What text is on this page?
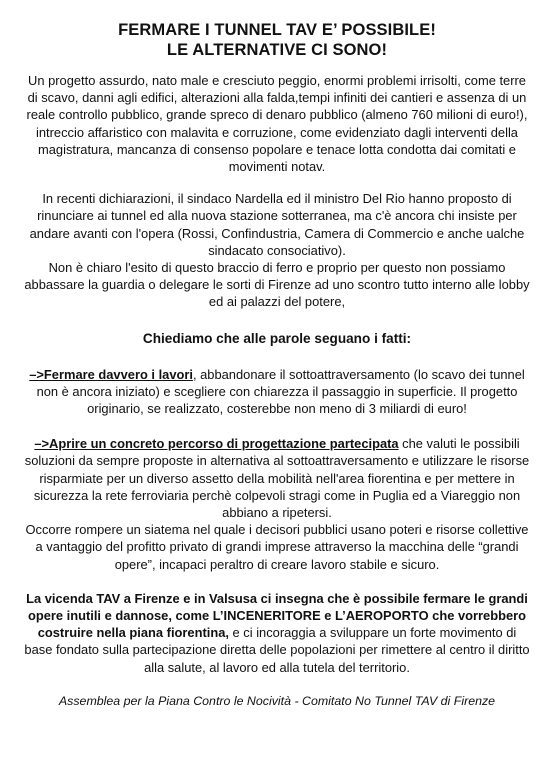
FERMARE I TUNNEL TAV E’ POSSIBILE!
LE ALTERNATIVE CI SONO!

Un progetto assurdo, nato male e cresciuto peggio, enormi problemi irrisolti, come terre di scavo, danni agli edifici, alterazioni alla falda,tempi infiniti dei cantieri e assenza di un reale controllo pubblico, grande spreco di denaro pubblico (almeno 760 milioni di euro!), intreccio affaristico con malavita e corruzione, come evidenziato dagli interventi della magistratura, mancanza di consenso popolare e tenace lotta condotta dai comitati e movimenti notav.

In recenti dichiarazioni, il sindaco Nardella ed il ministro Del Rio hanno proposto di rinunciare ai tunnel ed alla nuova stazione sotterranea, ma c'è ancora chi insiste per andare avanti con l'opera (Rossi, Confindustria, Camera di Commercio e anche ualche sindacato consociativo).

Non è chiaro l'esito di questo braccio di ferro e proprio per questo non possiamo abbassare la guardia o delegare le sorti di Firenze ad uno scontro tutto interno alle lobby ed ai palazzi del potere,

Chiediamo che alle parole seguano i fatti:

–>Fermare davvero i lavori, abbandonare il sottoattraversamento (lo scavo dei tunnel non è ancora iniziato) e scegliere con chiarezza il passaggio in superficie. Il progetto originario, se realizzato, costerebbe non meno di 3 miliardi di euro!

–>Aprire un concreto percorso di progettazione partecipata che valuti le possibili soluzioni da sempre proposte in alternativa al sottoattraversamento e utilizzare le risorse risparmiate per un diverso assetto della mobilità nell'area fiorentina e per mettere in sicurezza la rete ferroviaria perchè colpevoli stragi come in Puglia ed a Viareggio non abbiano a ripetersi.

Occorre rompere un siatema nel quale i decisori pubblici usano poteri e risorse collettive a vantaggio del profitto privato di grandi imprese attraverso la macchina delle “grandi opere”, incapaci peraltro di creare lavoro stabile e sicuro.

La vicenda TAV a Firenze e in Valsusa ci insegna che è possibile fermare le grandi opere inutili e dannose, come L’INCENERITORE e L’AEROPORTO che vorrebbero costruire nella piana fiorentina, e ci incoraggia a sviluppare un forte movimento di base fondato sulla partecipazione diretta delle popolazioni per rimettere al centro il diritto alla salute, al lavoro ed alla tutela del territorio.

Assemblea per la Piana Contro le Nocività - Comitato No Tunnel TAV di Firenze
